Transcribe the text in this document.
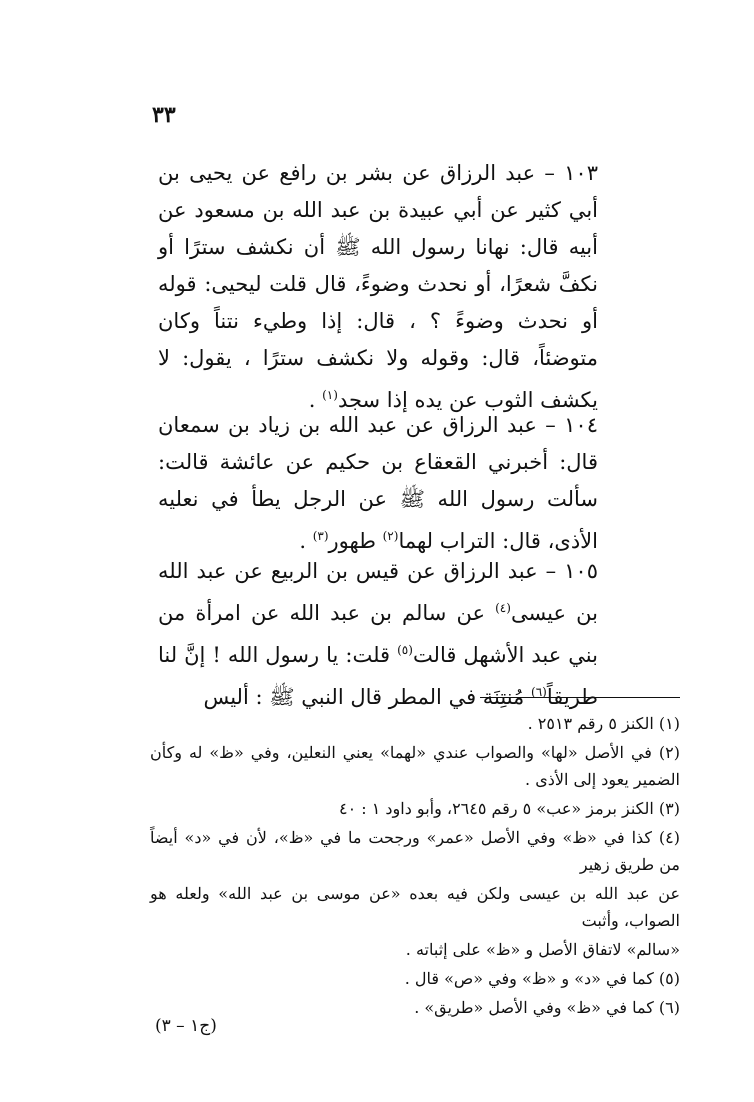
٣٣

١٠٣ – عبد الرزاق عن بشر بن رافع عن يحيى بن أبي كثير عن أبي عبيدة بن عبد الله بن مسعود عن أبيه قال: نهانا رسول الله ﷺ أن نكشف سترًا أو نكفَّ شعرًا، أو نحدث وضوءً، قال قلت ليحيى: قوله أو نحدث وضوءً ؟ ، قال: إذا وطيء نتناً وكان متوضئاً، قال: وقوله ولا نكشف سترًا ، يقول: لا يكشف الثوب عن يده إذا سجد$^{(١)}$ .

١٠٤ – عبد الرزاق عن عبد الله بن زياد بن سمعان قال: أخبرني القعقاع بن حكيم عن عائشة قالت: سألت رسول الله ﷺ عن الرجل يطأ في نعليه الأذى، قال: التراب لهما$^{(٢)}$ طهور$^{(٣)}$ .

١٠٥ – عبد الرزاق عن قيس بن الربيع عن عبد الله بن عيسى$^{(٤)}$ عن سالم بن عبد الله عن امرأة من بني عبد الأشهل قالت$^{(٥)}$ قلت: يا رسول الله ! إنَّ لنا طريقاً$^{(٦)}$ مُنتِنَة في المطر قال النبي ﷺ : أليس

(١) الكنز ٥ رقم ٢٥١٣ .

(٢) في الأصل «لها» والصواب عندي «لهما» يعني النعلين، وفي «ظ» له وكأن الضمير يعود إلى الأذى .

(٣) الكنز برمز «عب» ٥ رقم ٢٦٤٥، وأبو داود ١ : ٤٠

(٤) كذا في «ظ» وفي الأصل «عمر» ورجحت ما في «ظ»، لأن في «د» أيضاً من طريق زهير

عن عبد الله بن عيسى ولكن فيه بعده «عن موسى بن عبد الله» ولعله هو الصواب، وأثبت

«سالم» لاتفاق الأصل و «ظ» على إثباته .

(٥) كما في «د» و «ظ» وفي «ص» قال .

(٦) كما في «ظ» وفي الأصل «طريق» .

(ج١ – ٣)
